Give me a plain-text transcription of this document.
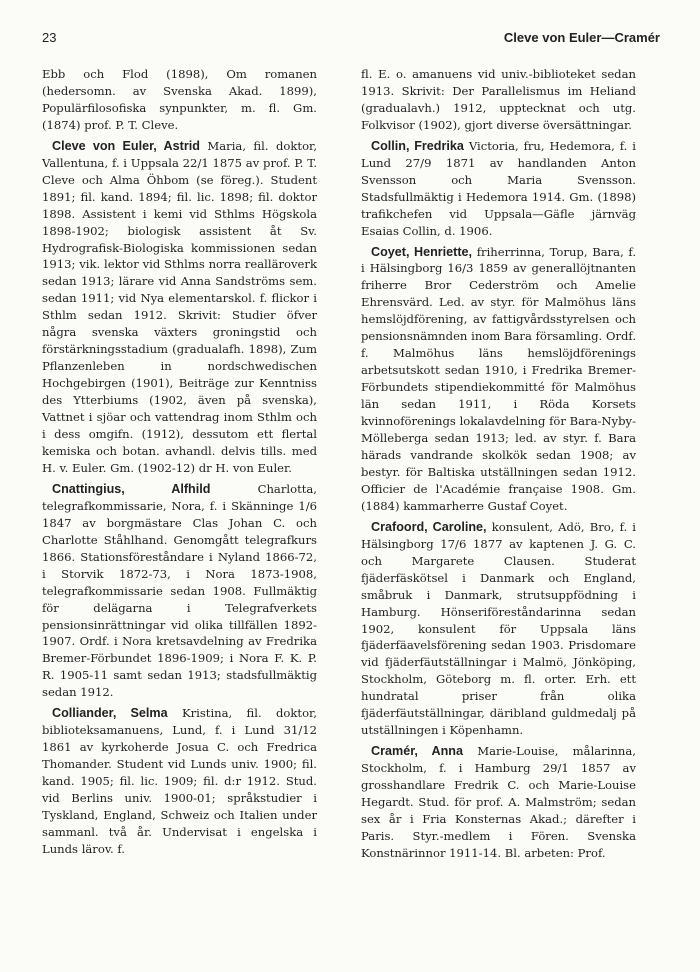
23	Cleve von Euler—Cramér

Ebb och Flod (1898), Om romanen (hedersomn. av Svenska Akad. 1899), Populärfilosofiska synpunkter, m. fl. Gm. (1874) prof. P. T. Cleve.

Cleve von Euler, Astrid Maria, fil. doktor, Vallentuna, f. i Uppsala 22/1 1875 av prof. P. T. Cleve och Alma Öhbom (se föreg.). Student 1891; fil. kand. 1894; fil. lic. 1898; fil. doktor 1898. Assistent i kemi vid Sthlms Högskola 1898-1902; biologisk assistent åt Sv. Hydrografisk-Biologiska kommissionen sedan 1913; vik. lektor vid Sthlms norra realläroverk sedan 1913; lärare vid Anna Sandströms sem. sedan 1911; vid Nya elementarskol. f. flickor i Sthlm sedan 1912. Skrivit: Studier öfver några svenska växters groningstid och förstärkningsstadium (gradualafh. 1898), Zum Pflanzenleben in nordschwedischen Hochgebirgen (1901), Beiträge zur Kenntniss des Ytterbiums (1902, även på svenska), Vattnet i sjöar och vattendrag inom Sthlm och i dess omgifn. (1912), dessutom ett flertal kemiska och botan. avhandl. delvis tills. med H. v. Euler. Gm. (1902-12) dr H. von Euler.

Cnattingius, Alfhild	Charlotta, telegrafkommissarie, Nora, f. i Skänninge 1/6 1847 av borgmästare Clas Johan C. och Charlotte Ståhlhand. Genomgått telegrafkurs 1866. Stationsföreståndare i Nyland 1866-72, i Storvik 1872-73, i Nora 1873-1908, telegrafkommissarie sedan 1908. Fullmäktig för delägarna i Telegrafverkets pensionsinrättningar vid olika tillfällen 1892-1907. Ordf. i Nora kretsavdelning av Fredrika Bremer-Förbundet 1896-1909; i Nora F. K. P. R. 1905-11 samt sedan 1913; stadsfullmäktig sedan 1912.

Colliander, Selma Kristina, fil. doktor, biblioteksamanuens, Lund, f. i Lund 31/12 1861 av kyrkoherde Josua C. och Fredrica Thomander. Student vid Lunds univ. 1900; fil. kand. 1905; fil. lic. 1909; fil. d:r 1912. Stud. vid Berlins univ. 1900-01; språkstudier i Tyskland, England, Schweiz och Italien under sammanl. två år. Undervisat i engelska i Lunds lärov. f.

fl. E. o. amanuens vid univ.-biblioteket sedan 1913. Skrivit: Der Parallelismus im Heliand (gradualavh.) 1912, upptecknat och utg. Folkvisor (1902), gjort diverse översättningar.

Collin, Fredrika Victoria, fru, Hedemora, f. i Lund 27/9 1871 av handlanden Anton Svensson och Maria Svensson. Stadsfullmäktig i Hedemora 1914. Gm. (1898) trafikchefen vid Uppsala—Gäfle järnväg Esaias Collin, d. 1906.

Coyet, Henriette, friherrinna, Torup, Bara, f. i Hälsingborg 16/3 1859 av generallöjtnanten friherre Bror Cederström och Amelie Ehrensvärd. Led. av styr. för Malmöhus läns hemslöjdförening, av fattigvårdsstyrelsen och pensionsnämnden inom Bara församling. Ordf. f. Malmöhus läns hemslöjdförenings arbetsutskott sedan 1910, i Fredrika Bremer-Förbundets stipendiekommitté för Malmöhus län sedan 1911, i Röda Korsets kvinnoförenings lokalavdelning för Bara-Nyby-Mölleberga sedan 1913; led. av styr. f. Bara härads vandrande skolkök sedan 1908; av bestyr. för Baltiska utställningen sedan 1912. Officier de l'Académie française 1908. Gm. (1884) kammarherre Gustaf Coyet.

Crafoord, Caroline, konsulent, Adö, Bro, f. i Hälsingborg 17/6 1877 av kaptenen J. G. C. och Margarete Clausen. Studerat fjäderfäskötsel i Danmark och England, småbruk i Danmark, strutsuppfödning i Hamburg. Hönseriföreståndarinna sedan 1902, konsulent för Uppsala läns fjäderfäavelsförening sedan 1903. Prisdomare vid fjäderfäutställningar i Malmö, Jönköping, Stockholm, Göteborg m. fl. orter. Erh. ett hundratal priser från olika fjäderfäutställningar, däribland guldmedalj på utställningen i Köpenhamn.

Cramér, Anna Marie-Louise, målarinna, Stockholm, f. i Hamburg 29/1 1857 av grosshandlare Fredrik C. och Marie-Louise Hegardt. Stud. för prof. A. Malmström; sedan sex år i Fria Konsternas Akad.; därefter i Paris. Styr.-medlem i Fören. Svenska Konstnärinnor 1911-14. Bl. arbeten: Prof.
